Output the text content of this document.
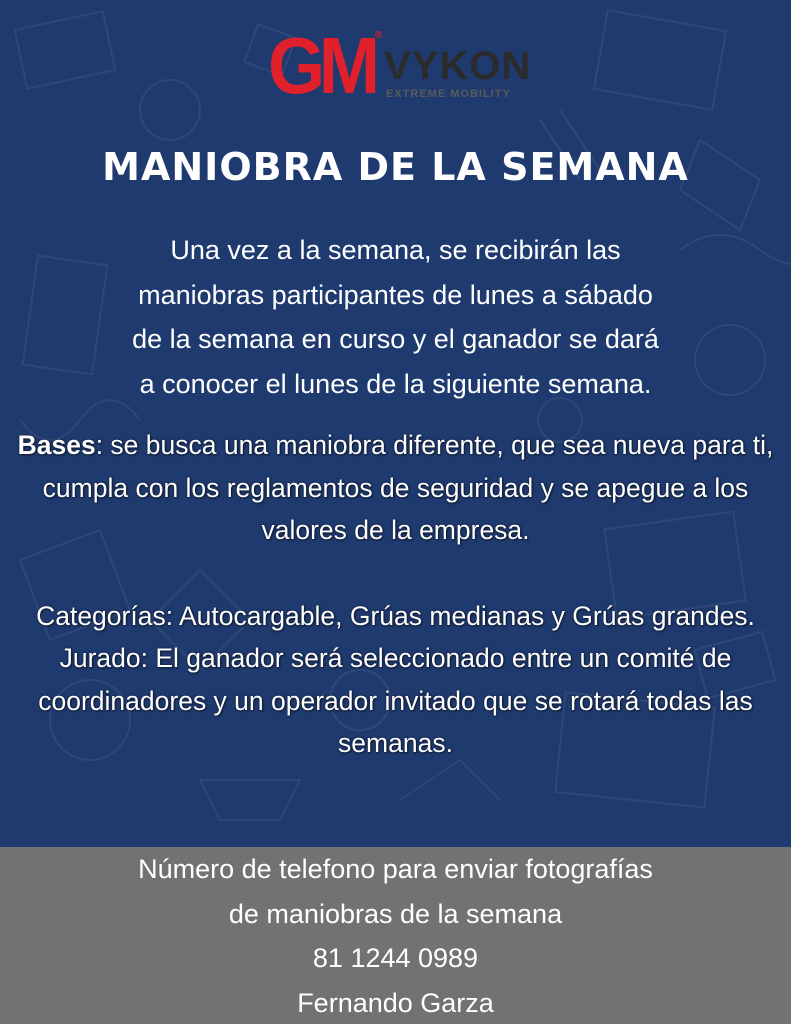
GM ®
VYKON
EXTREME MOBILITY
MANIOBRA DE LA SEMANA
Una vez a la semana, se recibirán las
maniobras participantes de lunes a sábado
de la semana en curso y el ganador se dará
a conocer el lunes de la siguiente semana.

Bases: se busca una maniobra diferente, que sea nueva para ti, cumpla con los reglamentos de seguridad y se apegue a los valores de la empresa.

Categorías: Autocargable, Grúas medianas y Grúas grandes.

Jurado: El ganador será seleccionado entre un comité de coordinadores y un operador invitado que se rotará todas las semanas.

Número de telefono para enviar fotografías
de maniobras de la semana
81 1244 0989
Fernando Garza
